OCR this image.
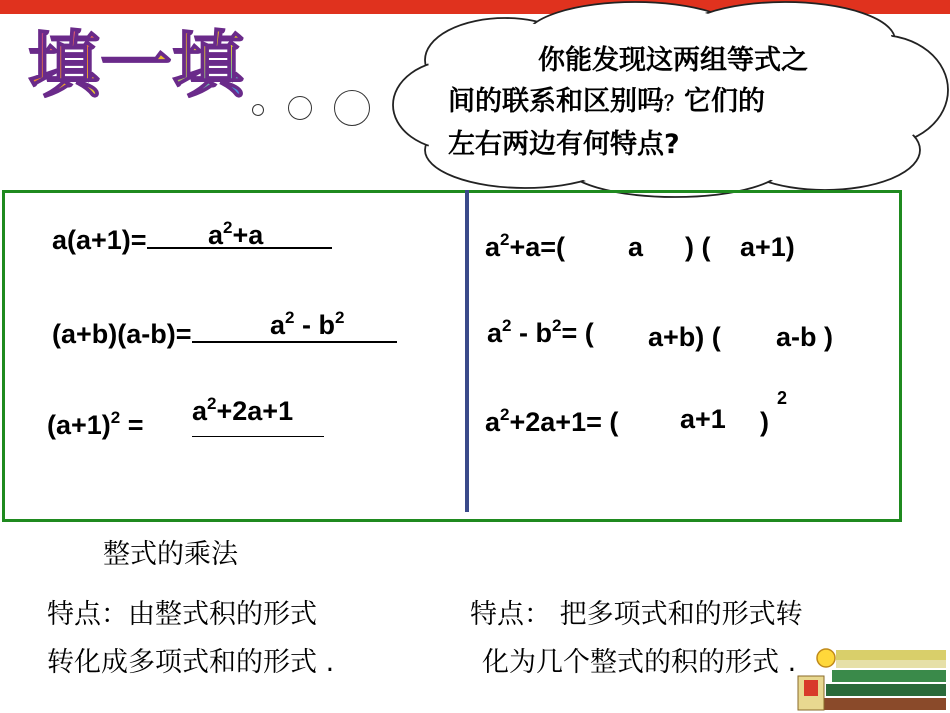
填一填	你能发现这两组等式之
间的联系和区别吗？它们的
左右两边有何特点?
a(a+1)=	$a^2+a$
(a+b)(a-b)=	$a^2 - b^2$
$(a+1)^2 = a^2+2a+1$
$a^2+a=$( a ) ( a+1)
$a^2 - b^2=$ ( a+b) ( a-b )
$a^2+2a+1=$ ( a+1 )
2
整式的乘法
特点：由整式积的形式
转化成多项式和的形式 .
特点： 把多项式和的形式转
化为几个整式的积的形式 .
